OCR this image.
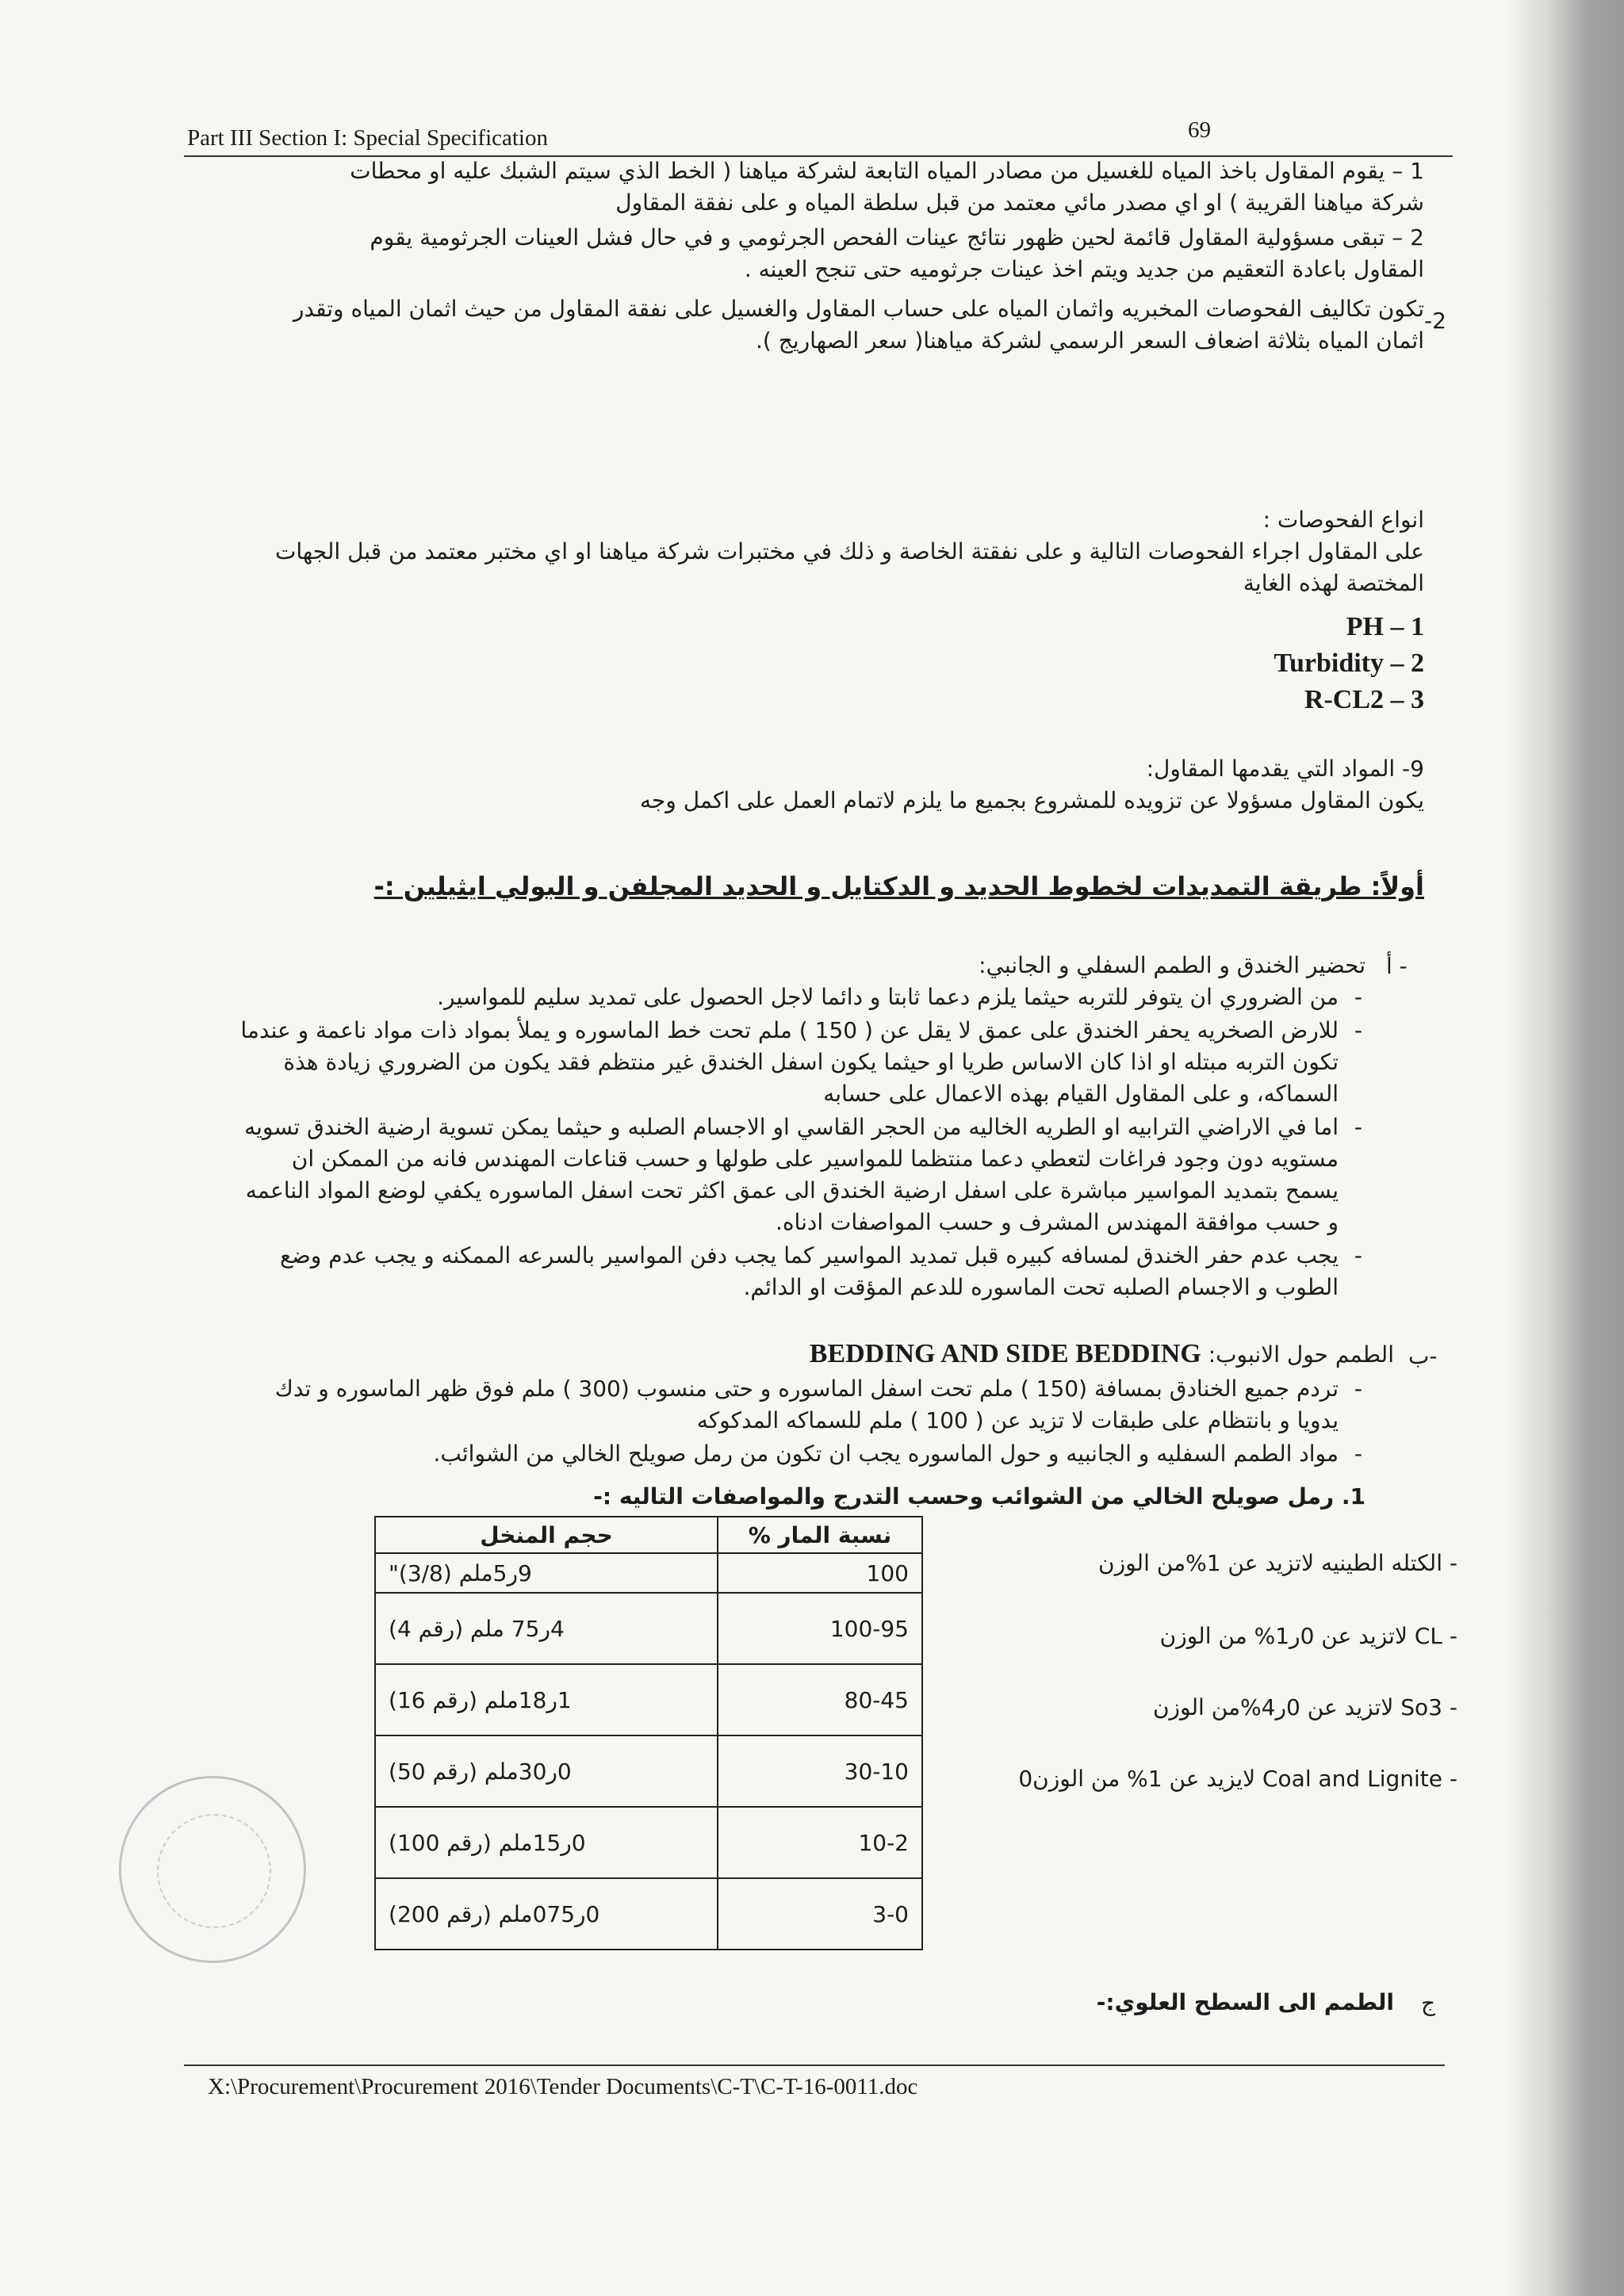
Part III Section I: Special Specification	69

1 – يقوم المقاول باخذ المياه للغسيل من مصادر المياه التابعة لشركة مياهنا ( الخط الذي سيتم الشبك عليه او محطات

شركة مياهنا القريبة ) او اي مصدر مائي معتمد من قبل سلطة المياه و على نفقة المقاول

2 – تبقى مسؤولية المقاول قائمة لحين ظهور نتائج عينات الفحص الجرثومي و في حال فشل العينات الجرثومية يقوم

المقاول باعادة التعقيم من جديد ويتم اخذ عينات جرثوميه حتى تنجح العينه .

-2

تكون تكاليف الفحوصات المخبريه واثمان المياه على حساب المقاول والغسيل على نفقة المقاول من حيث اثمان المياه وتقدر

اثمان المياه بثلاثة اضعاف السعر الرسمي لشركة مياهنا( سعر الصهاريج ).

انواع الفحوصات :

على المقاول اجراء الفحوصات التالية و على نفقتة الخاصة و ذلك في مختبرات شركة مياهنا او اي مختبر معتمد من قبل الجهات

المختصة لهذه الغاية

PH – 1
Turbidity – 2
R-CL2 – 3

9- المواد التي يقدمها المقاول:

يكون المقاول مسؤولا عن تزويده للمشروع بجميع ما يلزم لاتمام العمل على اكمل وجه

أولاً: طريقة التمديدات لخطوط الحديد و الدكتايل و الحديد المجلفن و البولي ايثيلين :-
أ -

تحضير الخندق و الطمم السفلي و الجانبي:

- من الضروري ان يتوفر للتربه حيثما يلزم دعما ثابتا و دائما لاجل الحصول على تمديد سليم للمواسير.
- للارض الصخريه يحفر الخندق على عمق لا يقل عن ( 150 ) ملم تحت خط الماسوره و يملأ بمواد ذات مواد ناعمة و عندما تكون التربه مبتله او اذا كان الاساس طريا او حيثما يكون اسفل الخندق غير منتظم فقد يكون من الضروري زيادة هذة السماكه، و على المقاول القيام بهذه الاعمال على حسابه
- اما في الاراضي الترابيه او الطريه الخاليه من الحجر القاسي او الاجسام الصلبه و حيثما يمكن تسوية ارضية الخندق تسويه مستويه دون وجود فراغات لتعطي دعما منتظما للمواسير على طولها و حسب قناعات المهندس فانه من الممكن ان يسمح بتمديد المواسير مباشرة على اسفل ارضية الخندق الى عمق اكثر تحت اسفل الماسوره يكفي لوضع المواد الناعمه و حسب موافقة المهندس المشرف و حسب المواصفات ادناه.
- يجب عدم حفر الخندق لمسافه كبيره قبل تمديد المواسير كما يجب دفن المواسير بالسرعه الممكنه و يجب عدم وضع الطوب و الاجسام الصلبه تحت الماسوره للدعم المؤقت او الدائم.
ب-
الطمم حول الانبوب: BEDDING AND SIDE BEDDING
- تردم جميع الخنادق بمسافة (150 ) ملم تحت اسفل الماسوره و حتى منسوب (300 ) ملم فوق ظهر الماسوره و تدك يدويا و بانتظام على طبقات لا تزيد عن ( 100 ) ملم للسماكه المدكوكه
- مواد الطمم السفليه و الجانبيه و حول الماسوره يجب ان تكون من رمل صويلح الخالي من الشوائب.
1. رمل صويلح الخالي من الشوائب وحسب التدرج والمواصفات التاليه :-
نسبة المار %	حجم المنخل
100	9ر5ملم (3/8)"
100-95	4ر75 ملم (رقم 4)
80-45	1ر18ملم (رقم 16)
30-10	0ر30ملم (رقم 50)
10-2	0ر15ملم (رقم 100)
3-0	0ر075ملم (رقم 200)
- الكتله الطينيه لاتزيد عن 1%من الوزن
- CL لاتزيد عن 0ر1% من الوزن
- So3 لاتزيد عن 0ر4%من الوزن
- Coal and Lignite لايزيد عن 1% من الوزن0
ج
الطمم الى السطح العلوي:-
X:\Procurement\Procurement 2016\Tender Documents\C-T\C-T-16-0011.doc
